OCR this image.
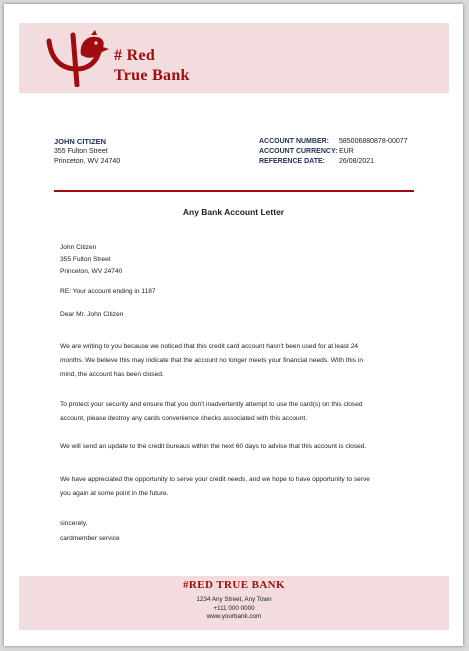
# Red
True Bank
JOHN CITIZEN
355 Fulton Street
Princeton, WV 24740
ACCOUNT NUMBER:	585006880878-00077
ACCOUNT CURRENCY: EUR
REFERENCE DATE:	26/08/2021
Any Bank Account Letter
John Citizen
355 Fulton Street
Princeton, WV 24740
RE: Your account ending in 1187
Dear Mr. John Citizen
We are writing to you because we noticed that this credit card account hasn't been used for at least 24
months. We believe this may indicate that the account no longer meets your financial needs. With this in
mind, the account has been closed.
To protect your security and ensure that you don't inadvertently attempt to use the card(s) on this closed
account, please destroy any cards convenience checks associated with this account.
We will send an update to the credit bureaus within the next 60 days to advise that this account is closed.
We have appreciated the opportunity to serve your credit needs, and we hope to have opportunity to serve
you again at some point in the future.
sincerely,
cardmember service
#RED TRUE BANK
1234 Any Street, Any Town
+111 000 0000
www.yourbank.com
